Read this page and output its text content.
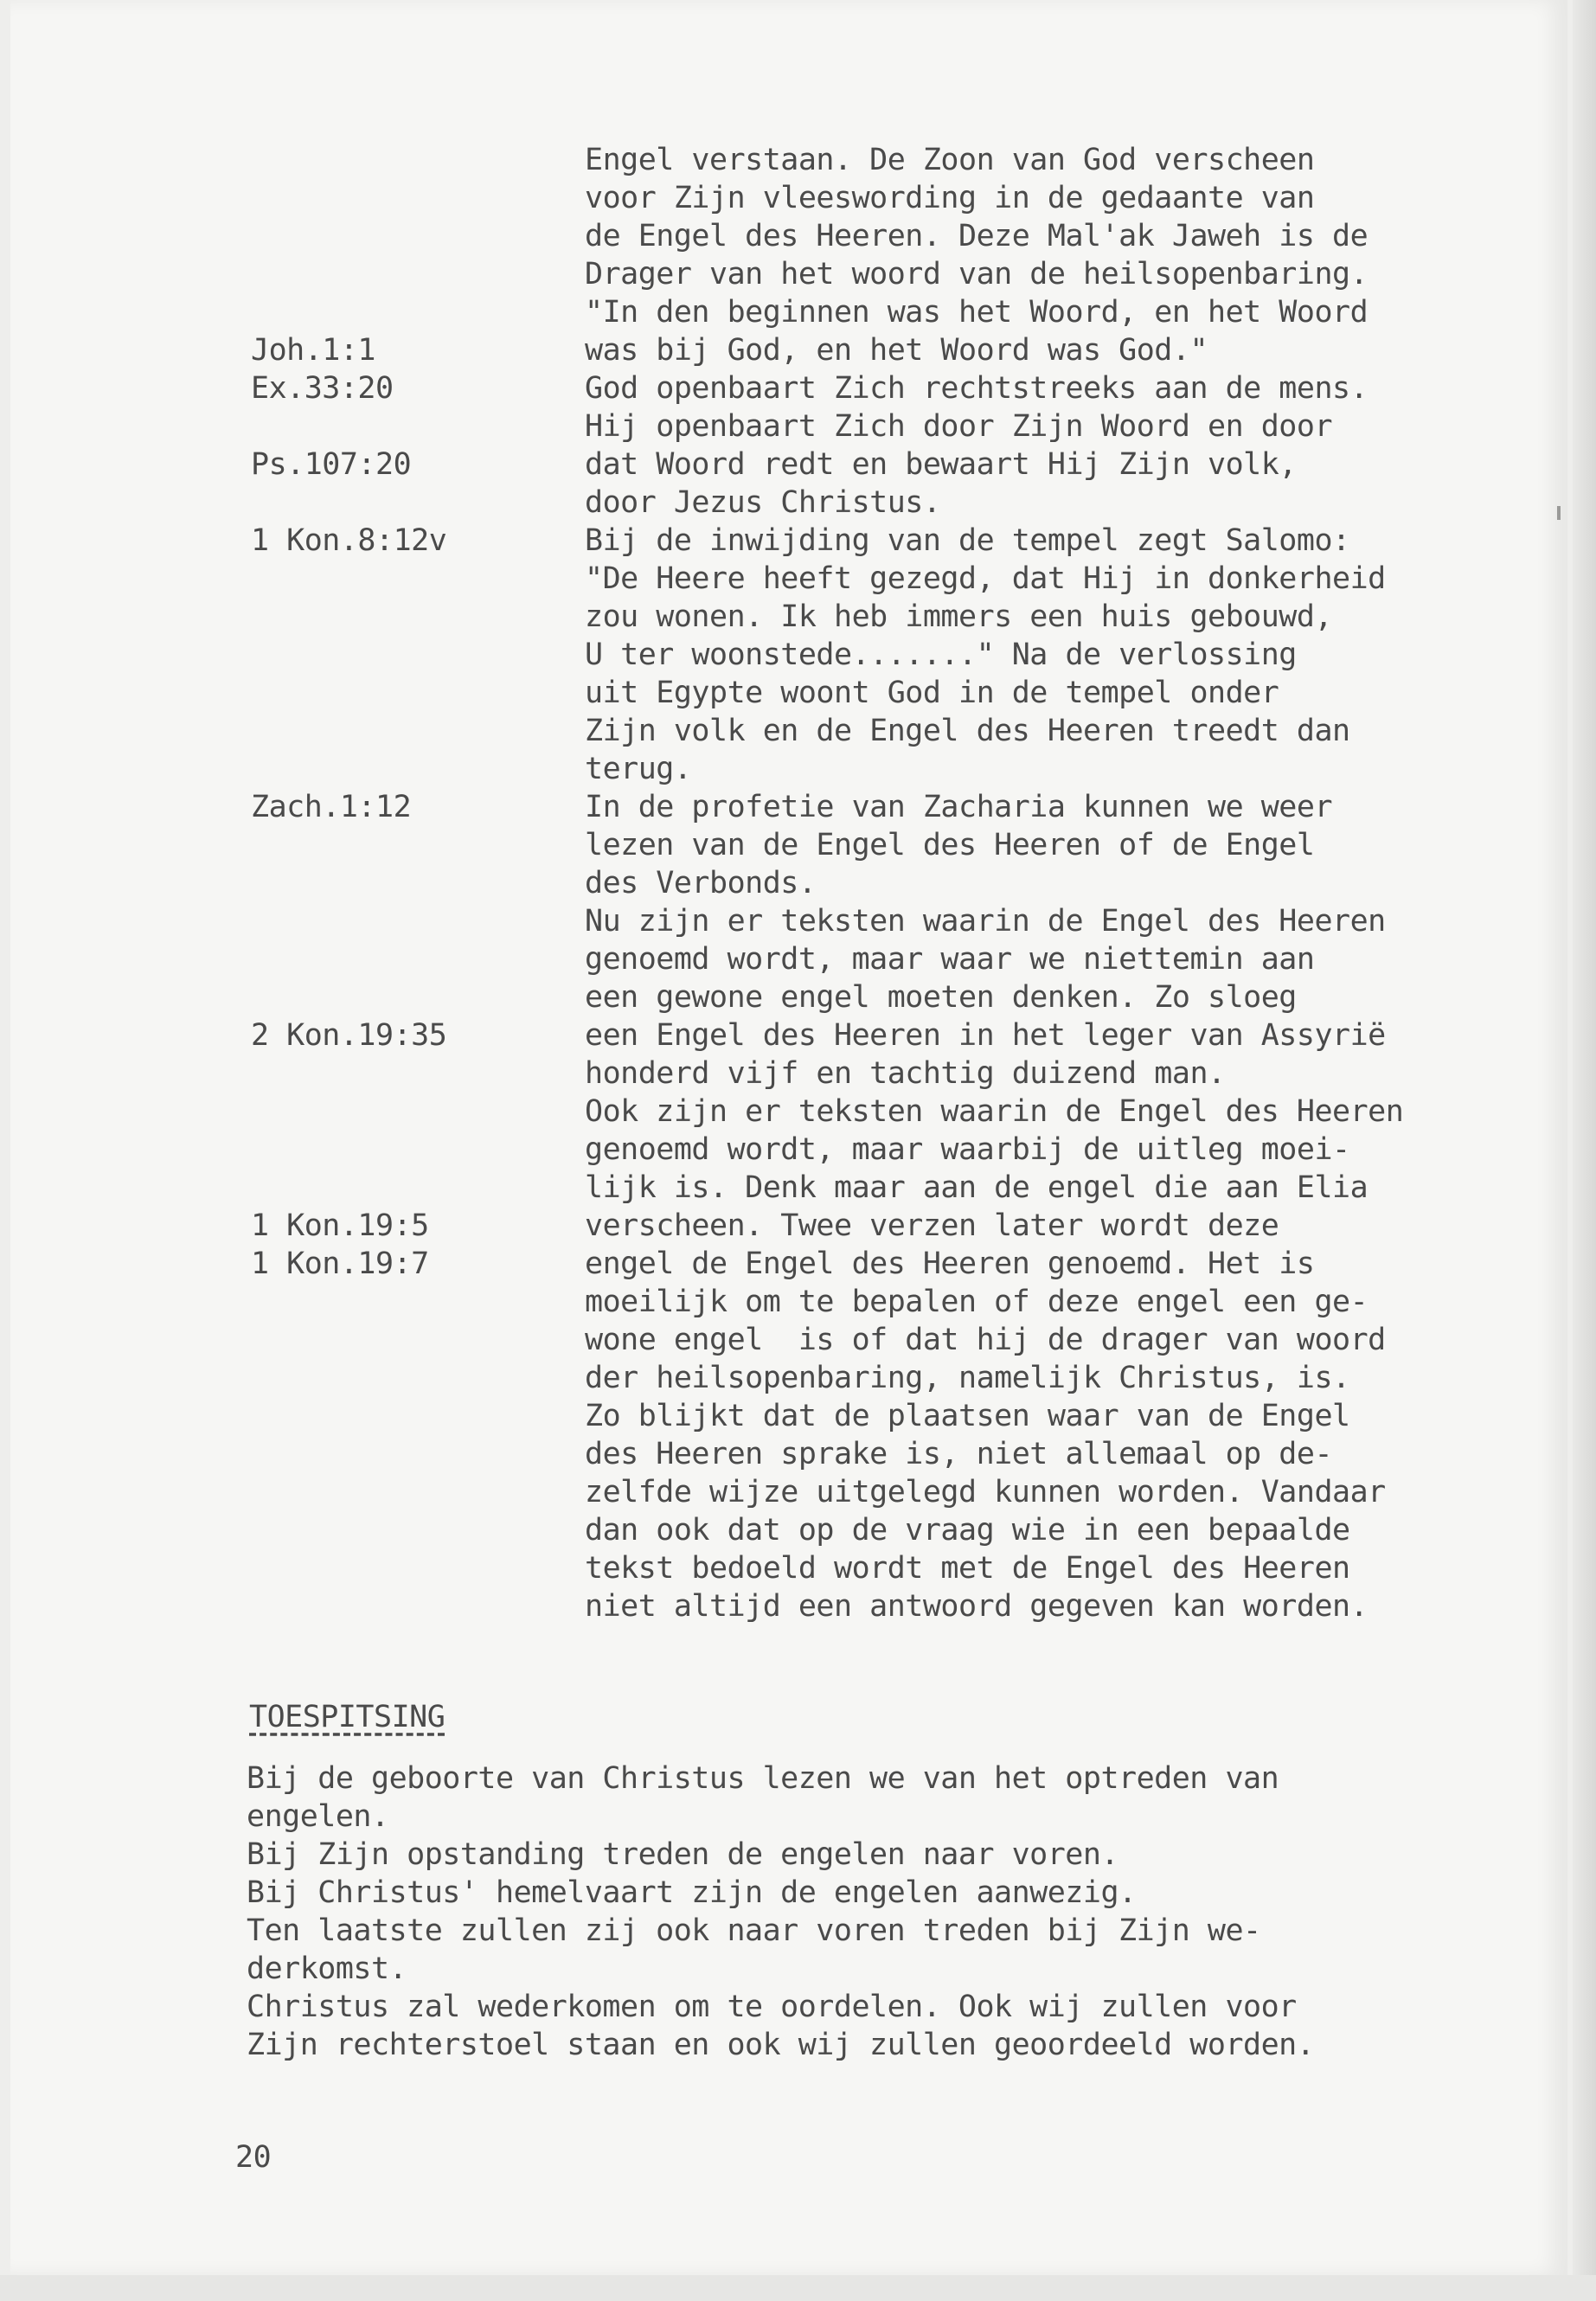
Engel verstaan. De Zoon van God verscheen
voor Zijn vleeswording in de gedaante van
de Engel des Heeren. Deze Mal'ak Jaweh is de
Drager van het woord van de heilsopenbaring.
"In den beginnen was het Woord, en het Woord
was bij God, en het Woord was God."
God openbaart Zich rechtstreeks aan de mens.
Hij openbaart Zich door Zijn Woord en door
dat Woord redt en bewaart Hij Zijn volk,
door Jezus Christus.
Bij de inwijding van de tempel zegt Salomo:
"De Heere heeft gezegd, dat Hij in donkerheid
zou wonen. Ik heb immers een huis gebouwd,
U ter woonstede......." Na de verlossing
uit Egypte woont God in de tempel onder
Zijn volk en de Engel des Heeren treedt dan
terug.
In de profetie van Zacharia kunnen we weer
lezen van de Engel des Heeren of de Engel
des Verbonds.
Nu zijn er teksten waarin de Engel des Heeren
genoemd wordt, maar waar we niettemin aan
een gewone engel moeten denken. Zo sloeg
een Engel des Heeren in het leger van Assyrië
honderd vijf en tachtig duizend man.
Ook zijn er teksten waarin de Engel des Heeren
genoemd wordt, maar waarbij de uitleg moei-
lijk is. Denk maar aan de engel die aan Elia
verscheen. Twee verzen later wordt deze
engel de Engel des Heeren genoemd. Het is
moeilijk om te bepalen of deze engel een ge-
wone engel  is of dat hij de drager van woord
der heilsopenbaring, namelijk Christus, is.
Zo blijkt dat de plaatsen waar van de Engel
des Heeren sprake is, niet allemaal op de-
zelfde wijze uitgelegd kunnen worden. Vandaar
dan ook dat op de vraag wie in een bepaalde
tekst bedoeld wordt met de Engel des Heeren
niet altijd een antwoord gegeven kan worden.
Joh.1:1
Ex.33:20
Ps.107:20
1 Kon.8:12v
Zach.1:12
2 Kon.19:35
1 Kon.19:5
1 Kon.19:7
TOESPITSING
Bij de geboorte van Christus lezen we van het optreden van
engelen.
Bij Zijn opstanding treden de engelen naar voren.
Bij Christus' hemelvaart zijn de engelen aanwezig.
Ten laatste zullen zij ook naar voren treden bij Zijn we-
derkomst.
Christus zal wederkomen om te oordelen. Ook wij zullen voor
Zijn rechterstoel staan en ook wij zullen geoordeeld worden.
20
